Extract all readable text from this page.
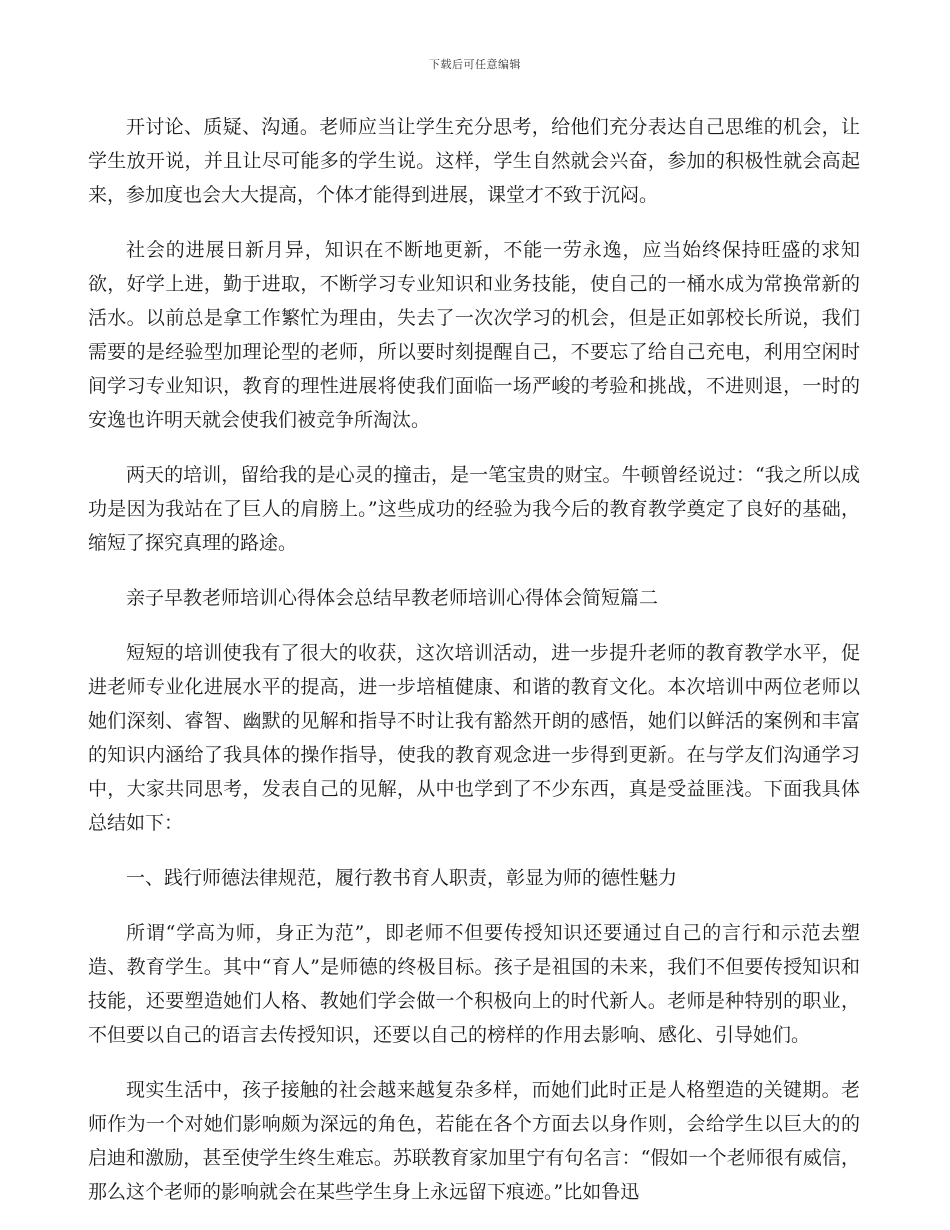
下载后可任意编辑

开讨论、质疑、沟通。老师应当让学生充分思考，给他们充分表达自己思维的机会，让学生放开说，并且让尽可能多的学生说。这样，学生自然就会兴奋，参加的积极性就会高起来，参加度也会大大提高，个体才能得到进展，课堂才不致于沉闷。

社会的进展日新月异，知识在不断地更新，不能一劳永逸，应当始终保持旺盛的求知欲，好学上进，勤于进取，不断学习专业知识和业务技能，使自己的一桶水成为常换常新的活水。以前总是拿工作繁忙为理由，失去了一次次学习的机会，但是正如郭校长所说，我们需要的是经验型加理论型的老师，所以要时刻提醒自己，不要忘了给自己充电，利用空闲时间学习专业知识，教育的理性进展将使我们面临一场严峻的考验和挑战，不进则退，一时的安逸也许明天就会使我们被竞争所淘汰。

两天的培训，留给我的是心灵的撞击，是一笔宝贵的财宝。牛顿曾经说过：“我之所以成功是因为我站在了巨人的肩膀上。”这些成功的经验为我今后的教育教学奠定了良好的基础，缩短了探究真理的路途。

亲子早教老师培训心得体会总结早教老师培训心得体会简短篇二

短短的培训使我有了很大的收获，这次培训活动，进一步提升老师的教育教学水平，促进老师专业化进展水平的提高，进一步培植健康、和谐的教育文化。本次培训中两位老师以她们深刻、睿智、幽默的见解和指导不时让我有豁然开朗的感悟，她们以鲜活的案例和丰富的知识内涵给了我具体的操作指导，使我的教育观念进一步得到更新。在与学友们沟通学习中，大家共同思考，发表自己的见解，从中也学到了不少东西，真是受益匪浅。下面我具体总结如下：

一、践行师德法律规范，履行教书育人职责，彰显为师的德性魅力

所谓“学高为师，身正为范”，即老师不但要传授知识还要通过自己的言行和示范去塑造、教育学生。其中“育人”是师德的终极目标。孩子是祖国的未来，我们不但要传授知识和技能，还要塑造她们人格、教她们学会做一个积极向上的时代新人。老师是种特别的职业，不但要以自己的语言去传授知识，还要以自己的榜样的作用去影响、感化、引导她们。

现实生活中，孩子接触的社会越来越复杂多样，而她们此时正是人格塑造的关键期。老师作为一个对她们影响颇为深远的角色，若能在各个方面去以身作则，会给学生以巨大的的启迪和激励，甚至使学生终生难忘。苏联教育家加里宁有句名言：“假如一个老师很有威信，那么这个老师的影响就会在某些学生身上永远留下痕迹。”比如鲁迅
